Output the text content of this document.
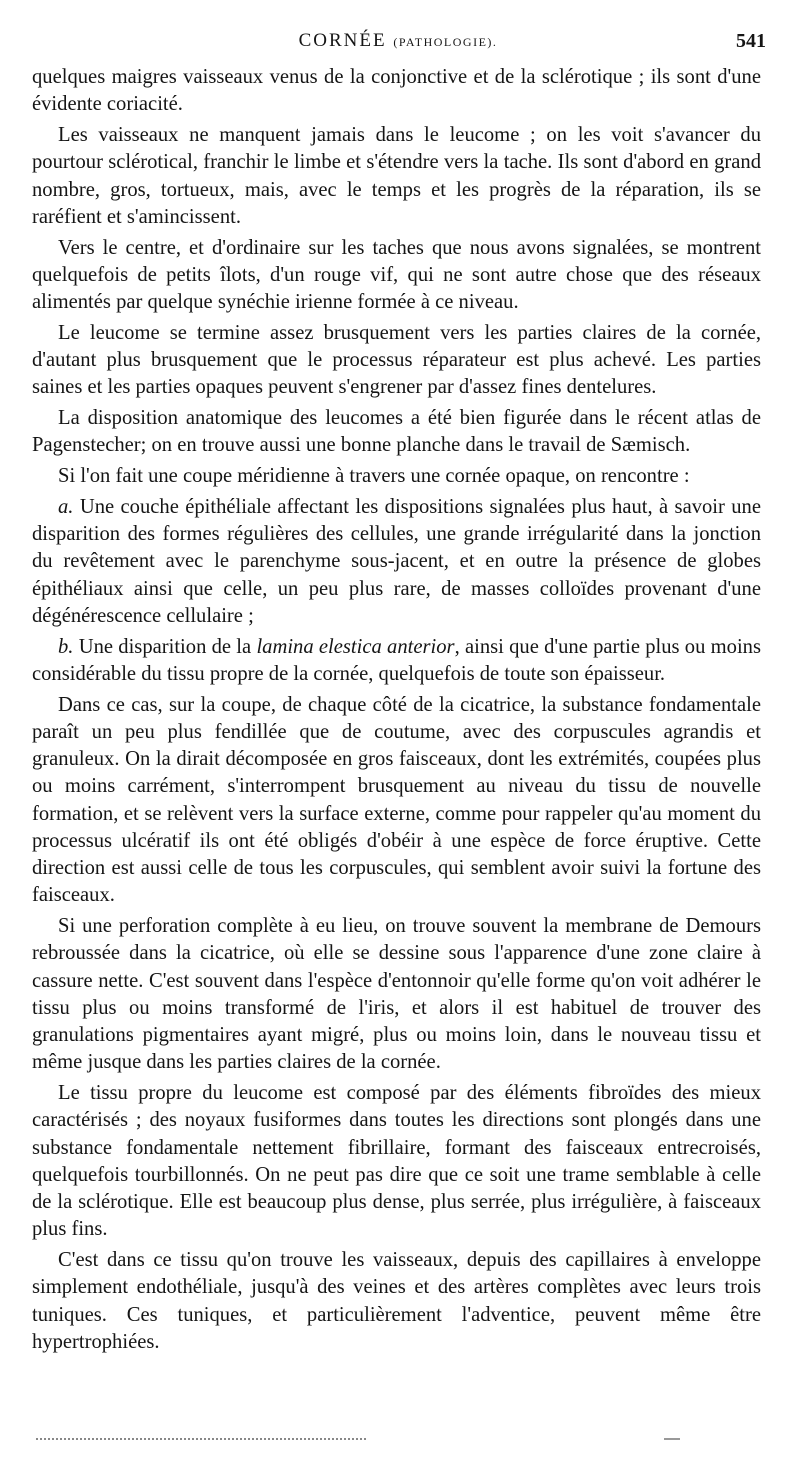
CORNÉE (PATHOLOGIE).	541

quelques maigres vaisseaux venus de la conjonctive et de la sclérotique ; ils sont d'une évidente coriacité.

Les vaisseaux ne manquent jamais dans le leucome ; on les voit s'avancer du pourtour sclérotical, franchir le limbe et s'étendre vers la tache. Ils sont d'abord en grand nombre, gros, tortueux, mais, avec le temps et les progrès de la réparation, ils se raréfient et s'amincissent.

Vers le centre, et d'ordinaire sur les taches que nous avons signalées, se montrent quelquefois de petits îlots, d'un rouge vif, qui ne sont autre chose que des réseaux alimentés par quelque synéchie irienne formée à ce niveau.

Le leucome se termine assez brusquement vers les parties claires de la cornée, d'autant plus brusquement que le processus réparateur est plus achevé. Les parties saines et les parties opaques peuvent s'engrener par d'assez fines dentelures.

La disposition anatomique des leucomes a été bien figurée dans le récent atlas de Pagenstecher; on en trouve aussi une bonne planche dans le travail de Sæmisch.

Si l'on fait une coupe méridienne à travers une cornée opaque, on rencontre :

a. Une couche épithéliale affectant les dispositions signalées plus haut, à savoir une disparition des formes régulières des cellules, une grande irrégularité dans la jonction du revêtement avec le parenchyme sous-jacent, et en outre la présence de globes épithéliaux ainsi que celle, un peu plus rare, de masses colloïdes provenant d'une dégénérescence cellulaire ;

b. Une disparition de la lamina elestica anterior, ainsi que d'une partie plus ou moins considérable du tissu propre de la cornée, quelquefois de toute son épaisseur.

Dans ce cas, sur la coupe, de chaque côté de la cicatrice, la substance fondamentale paraît un peu plus fendillée que de coutume, avec des corpuscules agrandis et granuleux. On la dirait décomposée en gros faisceaux, dont les extrémités, coupées plus ou moins carrément, s'interrompent brusquement au niveau du tissu de nouvelle formation, et se relèvent vers la surface externe, comme pour rappeler qu'au moment du processus ulcératif ils ont été obligés d'obéir à une espèce de force éruptive. Cette direction est aussi celle de tous les corpuscules, qui semblent avoir suivi la fortune des faisceaux.

Si une perforation complète à eu lieu, on trouve souvent la membrane de Demours rebroussée dans la cicatrice, où elle se dessine sous l'apparence d'une zone claire à cassure nette. C'est souvent dans l'espèce d'entonnoir qu'elle forme qu'on voit adhérer le tissu plus ou moins transformé de l'iris, et alors il est habituel de trouver des granulations pigmentaires ayant migré, plus ou moins loin, dans le nouveau tissu et même jusque dans les parties claires de la cornée.

Le tissu propre du leucome est composé par des éléments fibroïdes des mieux caractérisés ; des noyaux fusiformes dans toutes les directions sont plongés dans une substance fondamentale nettement fibrillaire, formant des faisceaux entrecroisés, quelquefois tourbillonnés. On ne peut pas dire que ce soit une trame semblable à celle de la sclérotique. Elle est beaucoup plus dense, plus serrée, plus irrégulière, à faisceaux plus fins.

C'est dans ce tissu qu'on trouve les vaisseaux, depuis des capillaires à enveloppe simplement endothéliale, jusqu'à des veines et des artères complètes avec leurs trois tuniques. Ces tuniques, et particulièrement l'adventice, peuvent même être hypertrophiées.
